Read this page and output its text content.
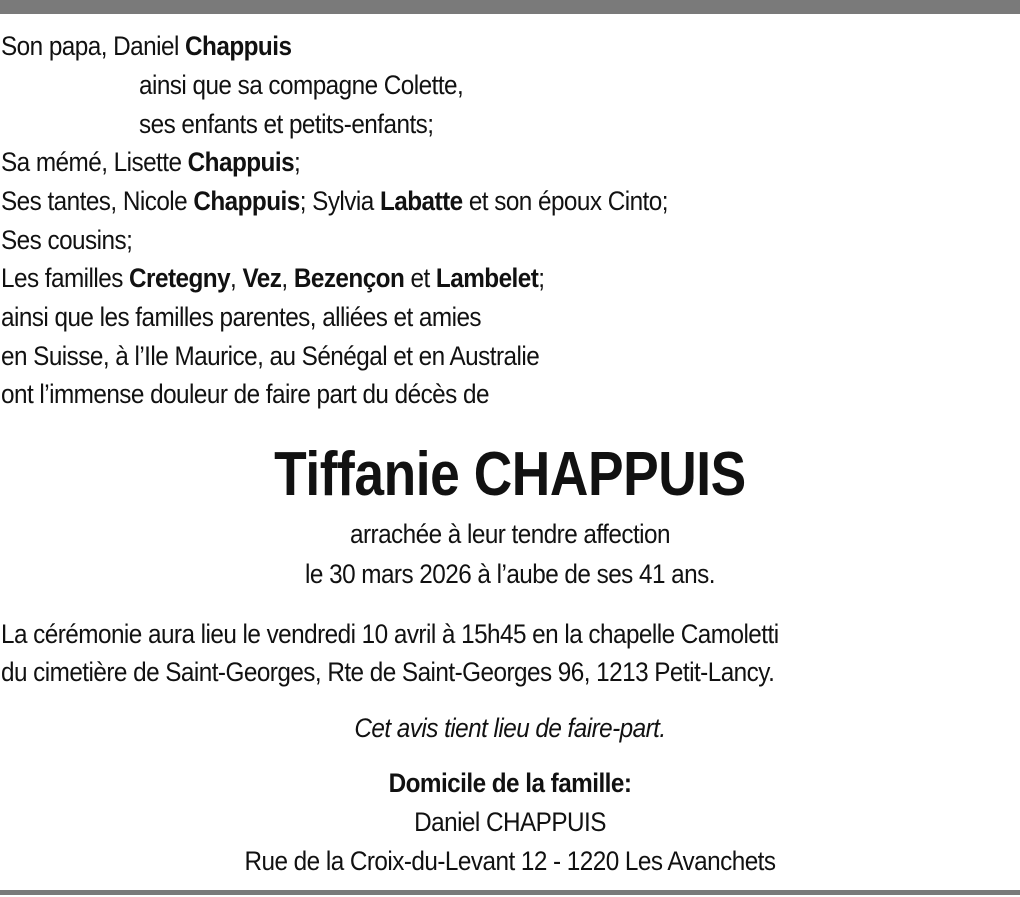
Son papa, Daniel Chappuis
ainsi que sa compagne Colette,
ses enfants et petits-enfants;
Sa mémé, Lisette Chappuis;
Ses tantes, Nicole Chappuis; Sylvia Labatte et son époux Cinto;
Ses cousins;
Les familles Cretegny, Vez, Bezençon et Lambelet;
ainsi que les familles parentes, alliées et amies
en Suisse, à l’Ile Maurice, au Sénégal et en Australie
ont l’immense douleur de faire part du décès de
Tiffanie CHAPPUIS
arrachée à leur tendre affection
le 30 mars 2026 à l’aube de ses 41 ans.
La cérémonie aura lieu le vendredi 10 avril à 15h45 en la chapelle Camoletti
du cimetière de Saint-Georges, Rte de Saint-Georges 96, 1213 Petit-Lancy.
Cet avis tient lieu de faire-part.
Domicile de la famille:
Daniel CHAPPUIS
Rue de la Croix-du-Levant 12 - 1220 Les Avanchets
